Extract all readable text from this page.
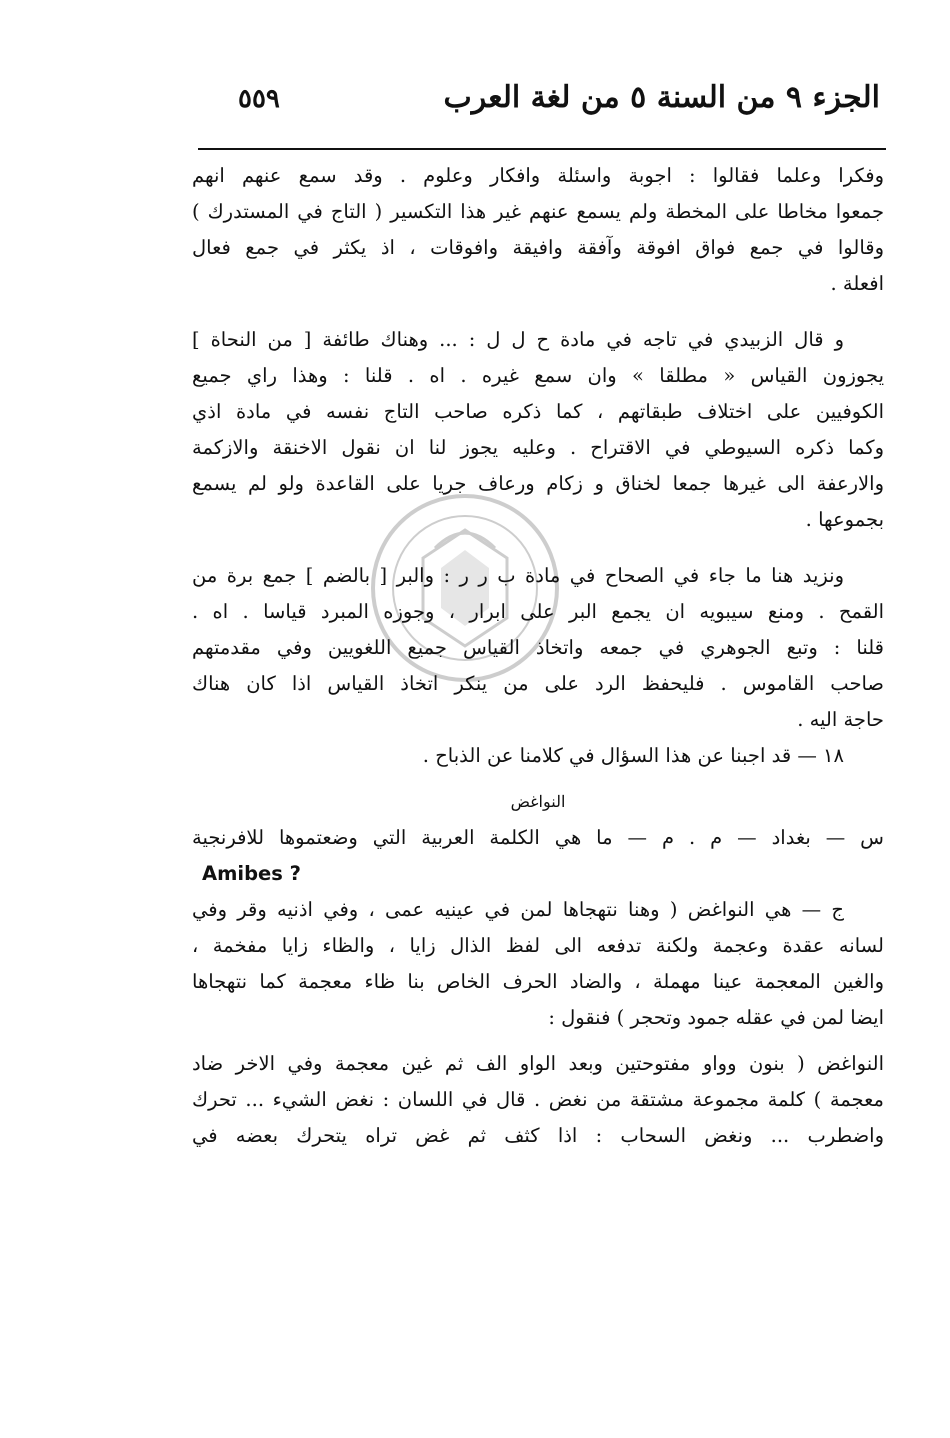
الجزء ٩ من السنة ٥ من لغة العرب
٥٥٩
وفكرا وعلما فقالوا : اجوبة واسئلة وافكار وعلوم . وقد سمع عنهم انهم
جمعوا مخاطا على المخطة ولم يسمع عنهم غير هذا التكسير ( التاج في المستدرك )
وقالوا في جمع فواق افوقة وآفقة وافيقة وافوقات ، اذ يكثر في جمع فعال
افعلة .
و قال الزبيدي في تاجه في مادة ح ل ل : ... وهناك طائفة [ من النحاة ]
يجوزون القياس « مطلقا » وان سمع غيره . اه . قلنا : وهذا راي جميع
الكوفيين على اختلاف طبقاتهم ، كما ذكره صاحب التاج نفسه في مادة اذي
وكما ذكره السيوطي في الاقتراح . وعليه يجوز لنا ان نقول الاخنقة والازكمة
والارعفة الى غيرها جمعا لخناق و زكام ورعاف جريا على القاعدة ولو لم يسمع
بجموعها .
ونزيد هنا ما جاء في الصحاح في مادة ب ر ر : والبر [ بالضم ] جمع برة من
القمح . ومنع سيبويه ان يجمع البر على ابرار ، وجوزه المبرد قياسا . اه .
قلنا : وتبع الجوهري في جمعه واتخاذ القياس جميع اللغويين وفي مقدمتهم
صاحب القاموس . فليحفظ الرد على من ينكر اتخاذ القياس اذا كان هناك
حاجة اليه .
١٨ — قد اجبنا عن هذا السؤال في كلامنا عن الذباح .
النواغض
س — بغداد — م . م — ما هي الكلمة العربية التي وضعتموها للافرنجية
Amibes ?
ج — هي النواغض ( وهنا نتهجاها لمن في عينيه عمى ، وفي اذنيه وقر وفي
لسانه عقدة وعجمة ولكنة تدفعه الى لفظ الذال زايا ، والظاء زايا مفخمة ،
والغين المعجمة عينا مهملة ، والضاد الحرف الخاص بنا ظاء معجمة كما نتهجاها
ايضا لمن في عقله جمود وتحجر ) فنقول :
النواغض ( بنون وواو مفتوحتين وبعد الواو الف ثم غين معجمة وفي الاخر ضاد
معجمة ) كلمة مجموعة مشتقة من نغض . قال في اللسان : نغض الشيء ... تحرك
واضطرب ... ونغض السحاب : اذا كثف ثم غض تراه يتحرك بعضه في
